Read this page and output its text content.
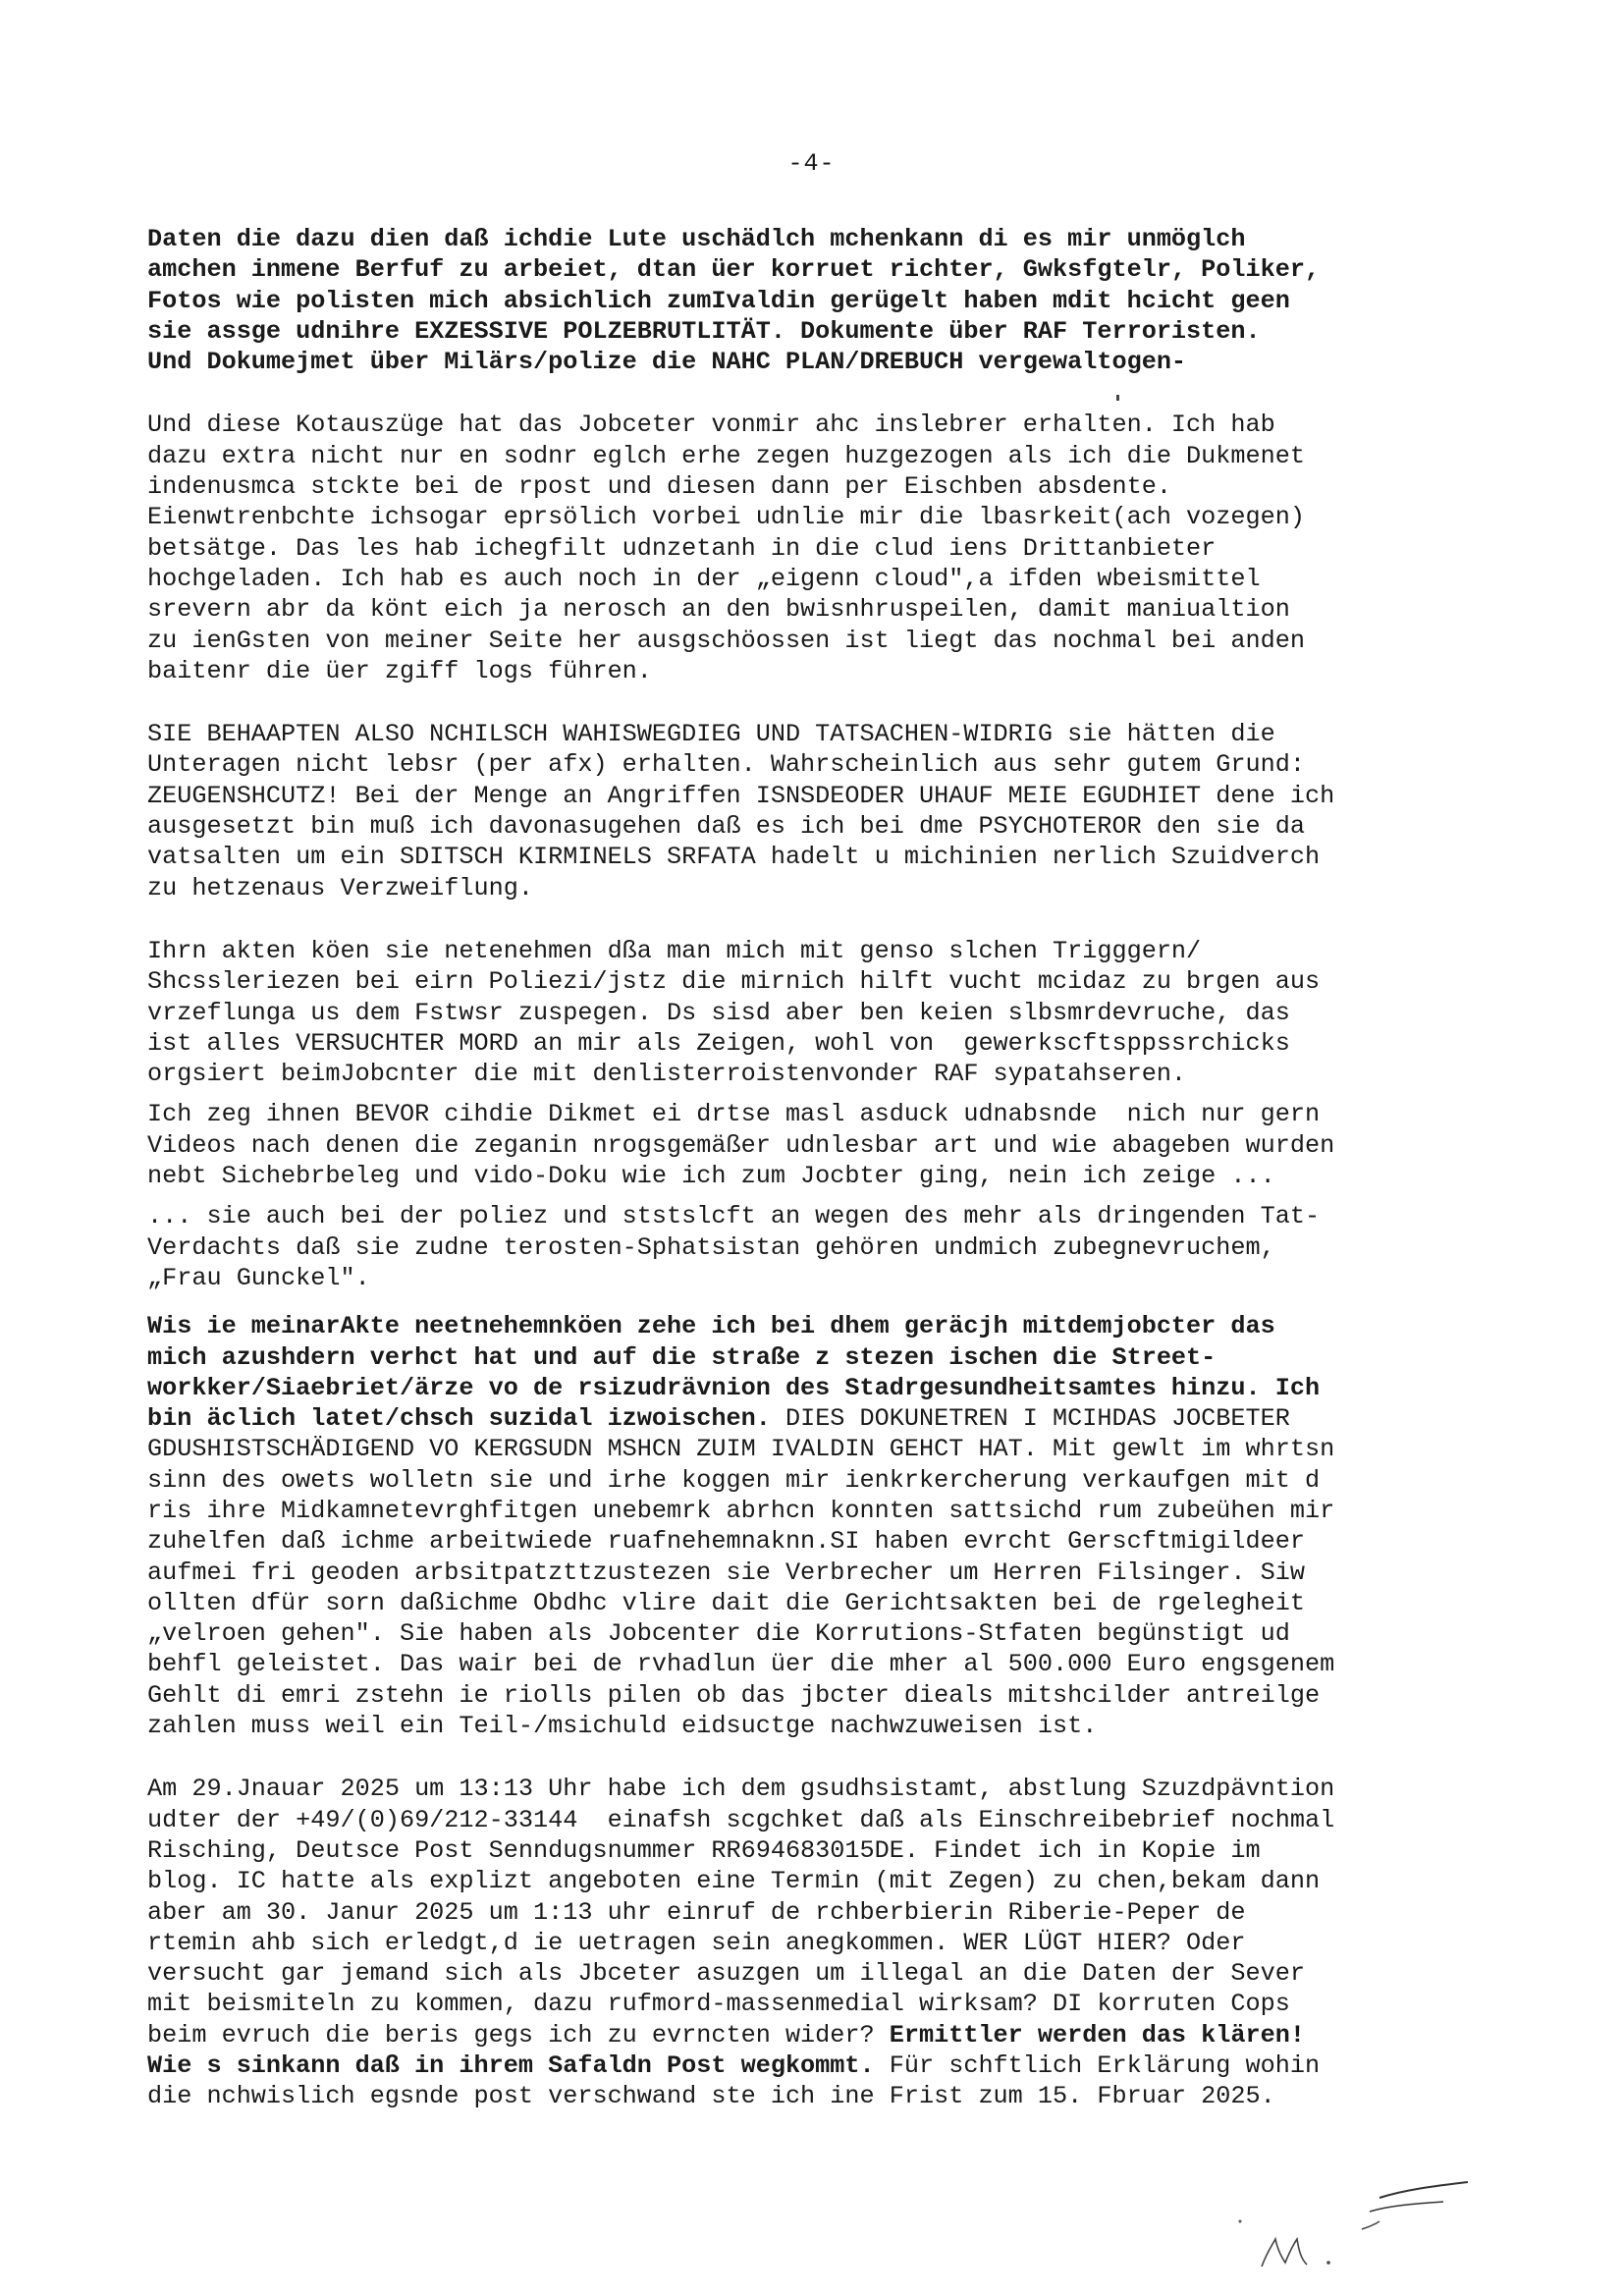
-4-
Daten die dazu dien daß ichdie Lute uschädlch mchenkann di es mir unmöglch
amchen inmene Berfuf zu arbeiet, dtan üer korruet richter, Gwksfgtelr, Poliker,
Fotos wie polisten mich absichlich zumIvaldin gerügelt haben mdit hcicht geen
sie assge udnihre EXZESSIVE POLZEBRUTLITÄT. Dokumente über RAF Terroristen.
Und Dokumejmet über Milärs/polize die NAHC PLAN/DREBUCH vergewaltogen-
Und diese Kotauszüge hat das Jobceter vonmir ahc inslebrer erhalten. Ich hab
dazu extra nicht nur en sodnr eglch erhe zegen huzgezogen als ich die Dukmenet
indenusmca stckte bei de rpost und diesen dann per Eischben absdente.
Eienwtrenbchte ichsogar eprsölich vorbei udnlie mir die lbasrkeit(ach vozegen)
betsätge. Das les hab ichegfilt udnzetanh in die clud iens Drittanbieter
hochgeladen. Ich hab es auch noch in der „eigenn cloud",a ifden wbeismittel
srevern abr da könt eich ja nerosch an den bwisnhruspeilen, damit maniualtion
zu ienGsten von meiner Seite her ausgschöossen ist liegt das nochmal bei anden
baitenr die üer zgiff logs führen.
SIE BEHAAPTEN ALSO NCHILSCH WAHISWEGDIEG UND TATSACHEN-WIDRIG sie hätten die
Unteragen nicht lebsr (per afx) erhalten. Wahrscheinlich aus sehr gutem Grund:
ZEUGENSHCUTZ! Bei der Menge an Angriffen ISNSDEODER UHAUF MEIE EGUDHIET dene ich
ausgesetzt bin muß ich davonasugehen daß es ich bei dme PSYCHOTEROR den sie da
vatsalten um ein SDITSCH KIRMINELS SRFATA hadelt u michinien nerlich Szuidverch
zu hetzenaus Verzweiflung.
Ihrn akten köen sie netenehmen dßa man mich mit genso slchen Trigggern/
Shcssleriezen bei eirn Poliezi/jstz die mirnich hilft vucht mcidaz zu brgen aus
vrzeflunga us dem Fstwsr zuspegen. Ds sisd aber ben keien slbsmrdevruche, das
ist alles VERSUCHTER MORD an mir als Zeigen, wohl von  gewerkscftsppssrchicks
orgsiert beimJobcnter die mit denlisterroistenvonder RAF sypatahseren.
Ich zeg ihnen BEVOR cihdie Dikmet ei drtse masl asduck udnabsnde  nich nur gern
Videos nach denen die zeganin nrogsgemäßer udnlesbar art und wie abageben wurden
nebt Sichebrbeleg und vido-Doku wie ich zum Jocbter ging, nein ich zeige ...
... sie auch bei der poliez und ststslcft an wegen des mehr als dringenden Tat-
Verdachts daß sie zudne terosten-Sphatsistan gehören undmich zubegnevruchem,
„Frau Gunckel".
Wis ie meinarAkte neetnehemnköen zehe ich bei dhem geräcjh mitdemjobcter das
mich azushdern verhct hat und auf die straße z stezen ischen die Street-
workker/Siaebriet/ärze vo de rsizudrävnion des Stadrgesundheitsamtes hinzu. Ich
bin äclich latet/chsch suzidal izwoischen. DIES DOKUNETREN I MCIHDAS JOCBETER
GDUSHISTSCHÄDIGEND VO KERGSUDN MSHCN ZUIM IVALDIN GEHCT HAT. Mit gewlt im whrtsn
sinn des owets wolletn sie und irhe koggen mir ienkrkercherung verkaufgen mit d
ris ihre Midkamnetevrghfitgen unebemrk abrhcn konnten sattsichd rum zubeühen mir
zuhelfen daß ichme arbeitwiede ruafnehemnaknn.SI haben evrcht Gerscftmigildeer
aufmei fri geoden arbsitpatzttzustezen sie Verbrecher um Herren Filsinger. Siw
ollten dfür sorn daßichme Obdhc vlire dait die Gerichtsakten bei de rgelegheit
„velroen gehen". Sie haben als Jobcenter die Korrutions-Stfaten begünstigt ud
behfl geleistet. Das wair bei de rvhadlun üer die mher al 500.000 Euro engsgenem
Gehlt di emri zstehn ie riolls pilen ob das jbcter dieals mitshcilder antreilge
zahlen muss weil ein Teil-/msichuld eidsuctge nachwzuweisen ist.
Am 29.Jnauar 2025 um 13:13 Uhr habe ich dem gsudhsistamt, abstlung Szuzdpävntion
udter der +49/(0)69/212-33144  einafsh scgchket daß als Einschreibebrief nochmal
Risching, Deutsce Post Senndugsnummer RR694683015DE. Findet ich in Kopie im
blog. IC hatte als explizt angeboten eine Termin (mit Zegen) zu chen,bekam dann
aber am 30. Janur 2025 um 1:13 uhr einruf de rchberbierin Riberie-Peper de
rtemin ahb sich erledgt,d ie uetragen sein anegkommen. WER LÜGT HIER? Oder
versucht gar jemand sich als Jbceter asuzgen um illegal an die Daten der Sever
mit beismiteln zu kommen, dazu rufmord-massenmedial wirksam? DI korruten Cops
beim evruch die beris gegs ich zu evrncten wider? Ermittler werden das klären!
Wie s sinkann daß in ihrem Safaldn Post wegkommt. Für schftlich Erklärung wohin
die nchwislich egsnde post verschwand ste ich ine Frist zum 15. Fbruar 2025.
